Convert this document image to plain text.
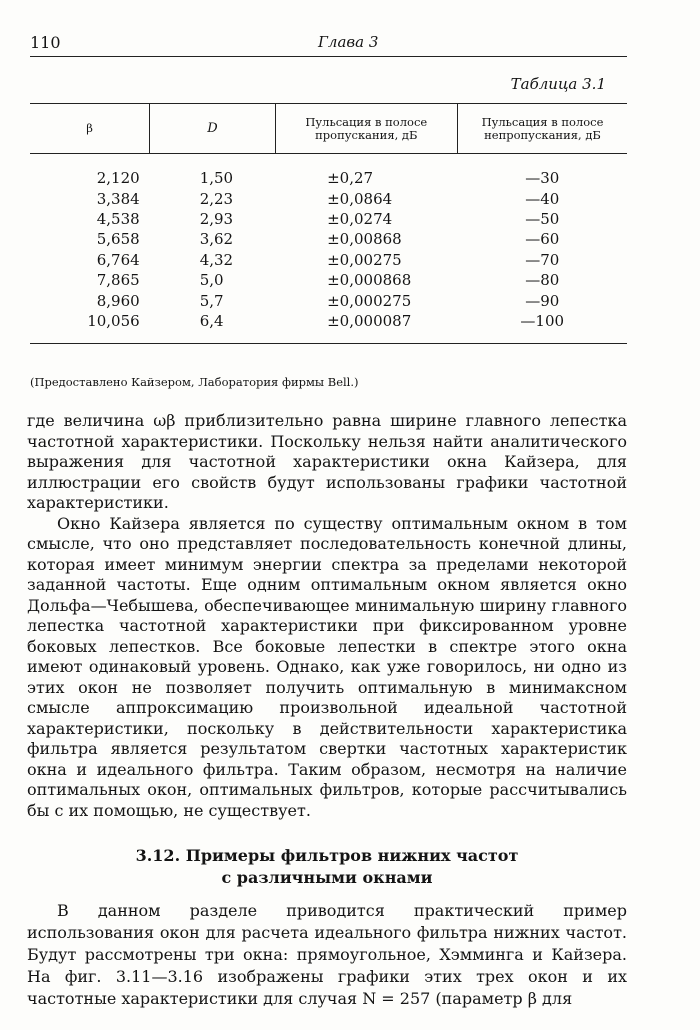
110	Глава 3
Таблица 3.1
β	D	Пульсация в полосе пропускания, дБ	Пульсация в полосе непропускания, дБ

2,120	1,50	±0,27	—30
3,384	2,23	±0,0864	—40
4,538	2,93	±0,0274	—50
5,658	3,62	±0,00868	—60
6,764	4,32	±0,00275	—70
7,865	5,0	±0,000868	—80
8,960	5,7	±0,000275	—90
10,056	6,4	±0,000087	—100

(Предоставлено Кайзером, Лаборатория фирмы Bell.)

где величина ωβ приблизительно равна ширине главного лепестка частотной характеристики. Поскольку нельзя найти аналитического выражения для частотной характеристики окна Кайзера, для иллюстрации его свойств будут использованы графики частотной характеристики.

Окно Кайзера является по существу оптимальным окном в том смысле, что оно представляет последовательность конечной длины, которая имеет минимум энергии спектра за пределами некоторой заданной частоты. Еще одним оптимальным окном является окно Дольфа—Чебышева, обеспечивающее минимальную ширину главного лепестка частотной характеристики при фиксированном уровне боковых лепестков. Все боковые лепестки в спектре этого окна имеют одинаковый уровень. Однако, как уже говорилось, ни одно из этих окон не позволяет получить оптимальную в минимаксном смысле аппроксимацию произвольной идеальной частотной характеристики, поскольку в действительности характеристика фильтра является результатом свертки частотных характеристик окна и идеального фильтра. Таким образом, несмотря на наличие оптимальных окон, оптимальных фильтров, которые рассчитывались бы с их помощью, не существует.

3.12. Примеры фильтров нижних частот
с различными окнами

В данном разделе приводится практический пример использования окон для расчета идеального фильтра нижних частот. Будут рассмотрены три окна: прямоугольное, Хэмминга и Кайзера. На фиг. 3.11—3.16 изображены графики этих трех окон и их частотные характеристики для случая N = 257 (параметр β для
